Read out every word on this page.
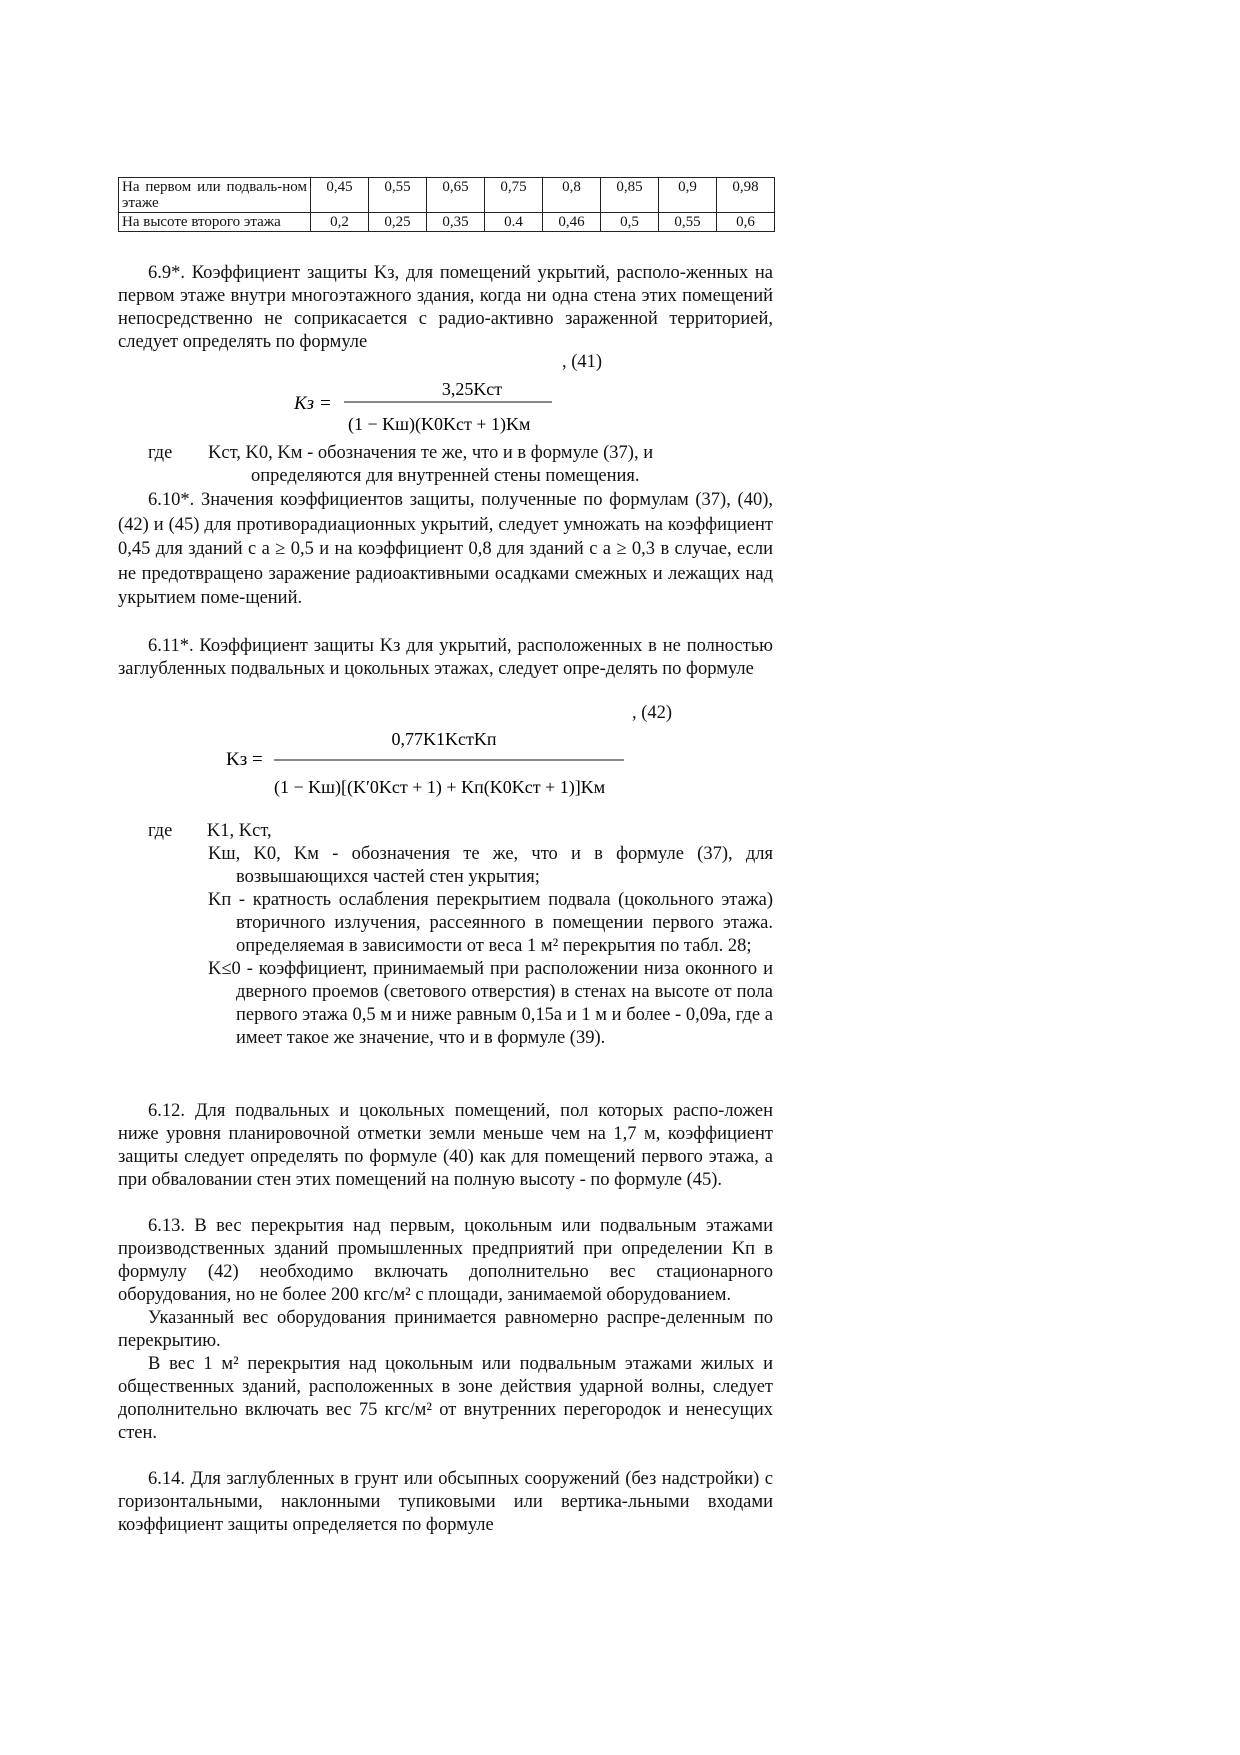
На первом или подваль-ном этаже	0,45	0,55	0,65	0,75	0,8	0,85	0,9	0,98
На высоте второго этажа	0,2	0,25	0,35	0.4	0,46	0,5	0,55	0,6

6.9*. Коэффициент защиты Kз, для помещений укрытий, располо-женных на первом этаже внутри многоэтажного здания, когда ни одна стена этих помещений непосредственно не соприкасается с радио-активно зараженной территорией, следует определять по формуле

, (41)
Kз =
3,25Kст
(1 − Kш)(K0Kст + 1)Kм
где	Kст, K0, Kм - обозначения те же, что и в формуле (37), и
определяются для внутренней стены помещения.

6.10*. Значения коэффициентов защиты, полученные по формулам (37), (40), (42) и (45) для противорадиационных укрытий, следует умножать на коэффициент 0,45 для зданий с a ≥ 0,5 и на коэффициент 0,8 для зданий с a ≥ 0,3 в случае, если не предотвращено заражение радиоактивными осадками смежных и лежащих над укрытием поме-щений.

6.11*. Коэффициент защиты Kз для укрытий, расположенных в не полностью заглубленных подвальных и цокольных этажах, следует опре-делять по формуле

, (42)
Kз =
0,77K1KстKп
(1 − Kш)[(K′0Kст + 1) + Kп(K0Kст + 1)]Kм
где K1, Kст,

Kш, K0, Kм - обозначения те же, что и в формуле (37), для возвышающихся частей стен укрытия;

Kп - кратность ослабления перекрытием подвала (цокольного этажа) вторичного излучения, рассеянного в помещении первого этажа. определяемая в зависимости от веса 1 м² перекрытия по табл. 28;

K≤0 - коэффициент, принимаемый при расположении низа оконного и дверного проемов (светового отверстия) в стенах на высоте от пола первого этажа 0,5 м и ниже равным 0,15a и 1 м и более - 0,09a, где a имеет такое же значение, что и в формуле (39).

6.12. Для подвальных и цокольных помещений, пол которых распо-ложен ниже уровня планировочной отметки земли меньше чем на 1,7 м, коэффициент защиты следует определять по формуле (40) как для помещений первого этажа, а при обваловании стен этих помещений на полную высоту - по формуле (45).

6.13. В вес перекрытия над первым, цокольным или подвальным этажами производственных зданий промышленных предприятий при определении Kп в формулу (42) необходимо включать дополнительно вес стационарного оборудования, но не более 200 кгс/м² с площади, занимаемой оборудованием.

Указанный вес оборудования принимается равномерно распре-деленным по перекрытию.

В вес 1 м² перекрытия над цокольным или подвальным этажами жилых и общественных зданий, расположенных в зоне действия ударной волны, следует дополнительно включать вес 75 кгс/м² от внутренних перегородок и ненесущих стен.

6.14. Для заглубленных в грунт или обсыпных сооружений (без надстройки) с горизонтальными, наклонными тупиковыми или вертика-льными входами коэффициент защиты определяется по формуле
